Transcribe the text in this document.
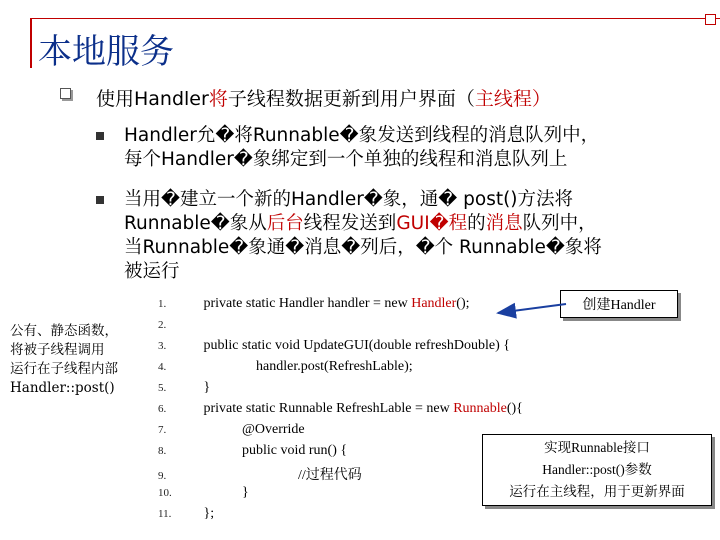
本地服务
使用Handler将子线程数据更新到用户界面（主线程）
Handler允�将Runnable�象发送到线程的消息队列中，
每个Handler�象绑定到一个单独的线程和消息队列上
当用�建立一个新的Handler�象，通� post()方法将
Runnable�象从后台线程发送到GUI�程的消息队列中，
当Runnable�象通�消息�列后，�个 Runnable�象将
被运行
公有、静态函数，
将被子线程调用
运行在子线程内部
Handler::post()
1.     private static Handler handler = new Handler();
2.
3.     public static void UpdateGUI(double refreshDouble) {
4.                    handler.post(RefreshLable);
5.     }
6.     private static Runnable RefreshLable = new Runnable(){
7.                @Override
8.                public void run() {
9.                                //过程代码
10.                }
11.     };
创建Handler
实现Runnable接口
Handler::post()参数
运行在主线程，用于更新界面
